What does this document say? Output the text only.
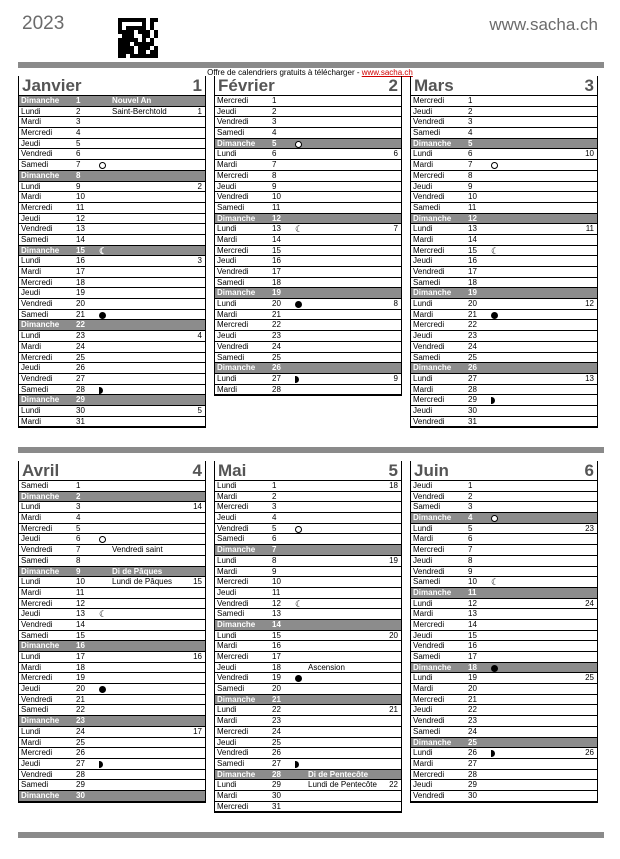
2023	www.sacha.ch
Offre de calendriers gratuits à télécharger - www.sacha.ch
Janvier	1
Dimanche 1	Nouvel An
Lundi	2	Saint-Berchtold	1
Mardi	3
Mercredi	4
Jeudi	5
Vendredi	6
Samedi	7
Dimanche 8
Lundi	9	2
Mardi	10
Mercredi	11
Jeudi	12
Vendredi	13
Samedi	14
Dimanche 15 ☾
Lundi	16	3
Mardi	17
Mercredi	18
Jeudi	19
Vendredi	20
Samedi	21
Dimanche 22
Lundi	23	4
Mardi	24
Mercredi	25
Jeudi	26
Vendredi	27
Samedi	28
Dimanche 29
Lundi	30	5
Mardi	31
Février	2
Mercredi	1
Jeudi	2
Vendredi	3
Samedi	4
Dimanche 5
Lundi	6	6
Mardi	7
Mercredi	8
Jeudi	9
Vendredi	10
Samedi	11
Dimanche 12
Lundi	13 ☾	7
Mardi	14
Mercredi	15
Jeudi	16
Vendredi	17
Samedi	18
Dimanche 19
Lundi	20	8
Mardi	21
Mercredi	22
Jeudi	23
Vendredi	24
Samedi	25
Dimanche 26
Lundi	27	9
Mardi	28
Mars	3
Mercredi	1
Jeudi	2
Vendredi	3
Samedi	4
Dimanche 5
Lundi	6	10
Mardi	7
Mercredi	8
Jeudi	9
Vendredi	10
Samedi	11
Dimanche 12
Lundi	13	11
Mardi	14
Mercredi	15 ☾
Jeudi	16
Vendredi	17
Samedi	18
Dimanche 19
Lundi	20	12
Mardi	21
Mercredi	22
Jeudi	23
Vendredi	24
Samedi	25
Dimanche 26
Lundi	27	13
Mardi	28
Mercredi	29
Jeudi	30
Vendredi	31
Avril	4
Samedi	1
Dimanche 2
Lundi	3	14
Mardi	4
Mercredi	5
Jeudi	6
Vendredi	7	Vendredi saint
Samedi	8
Dimanche 9	Di de Pâques
Lundi	10	Lundi de Pâques	15
Mardi	11
Mercredi	12
Jeudi	13 ☾
Vendredi	14
Samedi	15
Dimanche 16
Lundi	17	16
Mardi	18
Mercredi	19
Jeudi	20
Vendredi	21
Samedi	22
Dimanche 23
Lundi	24	17
Mardi	25
Mercredi	26
Jeudi	27
Vendredi	28
Samedi	29
Dimanche 30
Mai	5
Lundi	1	18
Mardi	2
Mercredi	3
Jeudi	4
Vendredi	5
Samedi	6
Dimanche 7
Lundi	8	19
Mardi	9
Mercredi	10
Jeudi	11
Vendredi	12 ☾
Samedi	13
Dimanche 14
Lundi	15	20
Mardi	16
Mercredi	17
Jeudi	18	Ascension
Vendredi	19
Samedi	20
Dimanche 21
Lundi	22	21
Mardi	23
Mercredi	24
Jeudi	25
Vendredi	26
Samedi	27
Dimanche 28	Di de Pentecôte
Lundi	29	Lundi de Pentecôte 22
Mardi	30
Mercredi	31
Juin	6
Jeudi	1
Vendredi	2
Samedi	3
Dimanche 4
Lundi	5	23
Mardi	6
Mercredi	7
Jeudi	8
Vendredi	9
Samedi	10 ☾
Dimanche 11
Lundi	12	24
Mardi	13
Mercredi	14
Jeudi	15
Vendredi	16
Samedi	17
Dimanche 18
Lundi	19	25
Mardi	20
Mercredi	21
Jeudi	22
Vendredi	23
Samedi	24
Dimanche 25
Lundi	26	26
Mardi	27
Mercredi	28
Jeudi	29
Vendredi	30
